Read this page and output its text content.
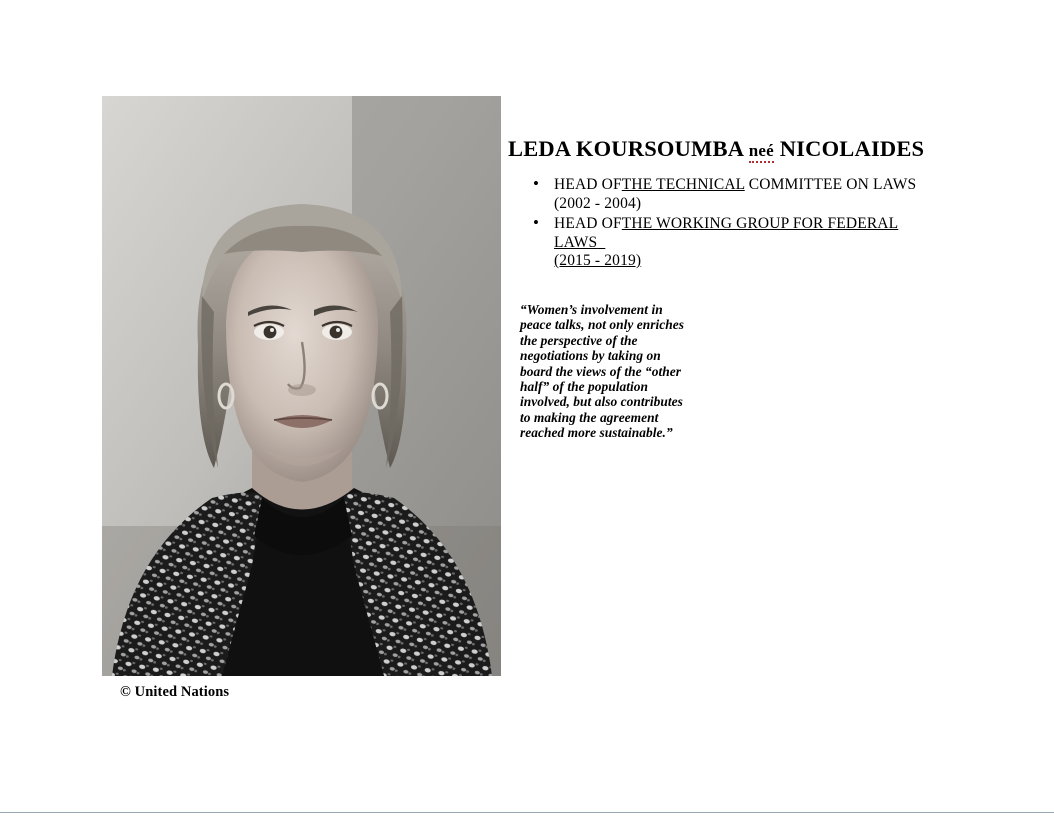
© United Nations
LEDA KOURSOUMBA neé NICOLAIDES
• HEAD OFTHE TECHNICAL COMMITTEE ON LAWS
(2002 - 2004)
• HEAD OFTHE WORKING GROUP FOR FEDERAL LAWS
(2015 - 2019)
“Women’s involvement in peace talks, not only enriches the perspective of the negotiations by taking on board the views of the “other half” of the population involved, but also contributes to making the agreement reached more sustainable.”
